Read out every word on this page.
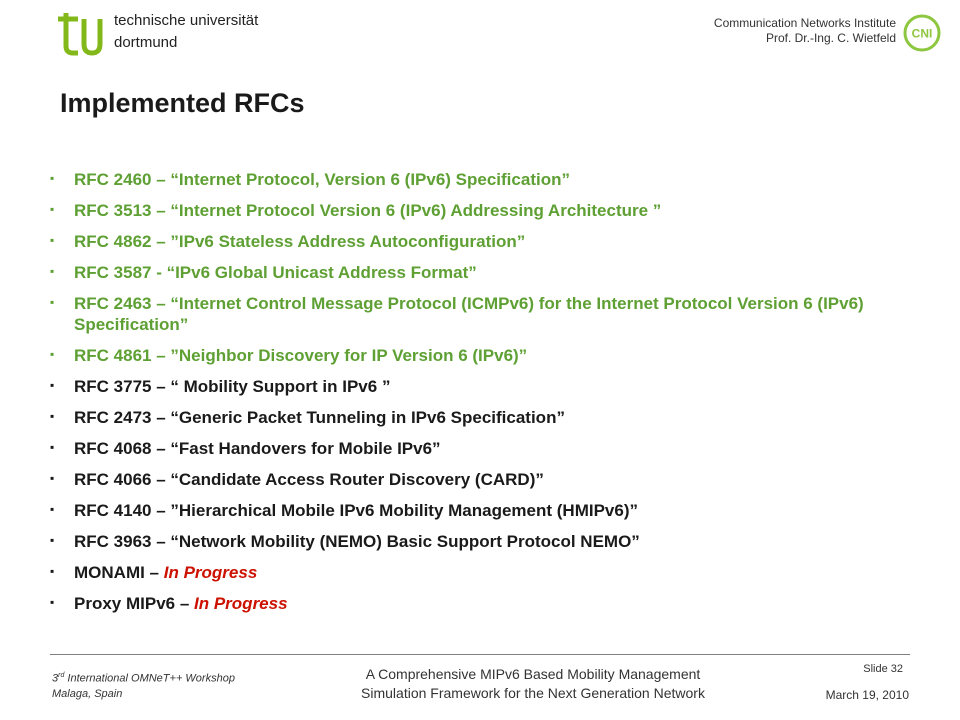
technische universität
dortmund
Communication Networks Institute
Prof. Dr.-Ing. C. Wietfeld CNI
Implemented RFCs
▪ RFC 2460 – “Internet Protocol, Version 6 (IPv6) Specification”
▪ RFC 3513 – “Internet Protocol Version 6 (IPv6) Addressing Architecture ”
▪ RFC 4862 – ”IPv6 Stateless Address Autoconfiguration”
▪ RFC 3587 - “IPv6 Global Unicast Address Format”
▪ RFC 2463 – “Internet Control Message Protocol (ICMPv6) for the Internet Protocol Version 6 (IPv6) Specification”
▪ RFC 4861 – ”Neighbor Discovery for IP Version 6 (IPv6)”
▪ RFC 3775 – “ Mobility Support in IPv6 ”
▪ RFC 2473 – “Generic Packet Tunneling in IPv6 Specification”
▪ RFC 4068 – “Fast Handovers for Mobile IPv6”
▪ RFC 4066 – “Candidate Access Router Discovery (CARD)”
▪ RFC 4140 – ”Hierarchical Mobile IPv6 Mobility Management (HMIPv6)”
▪ RFC 3963 – “Network Mobility (NEMO) Basic Support Protocol NEMO”
▪ MONAMI – In Progress
▪ Proxy MIPv6 – In Progress
3rd International OMNeT++ Workshop
Malaga, Spain
A Comprehensive MIPv6 Based Mobility Management
Simulation Framework for the Next Generation Network
Slide 32
March 19, 2010
